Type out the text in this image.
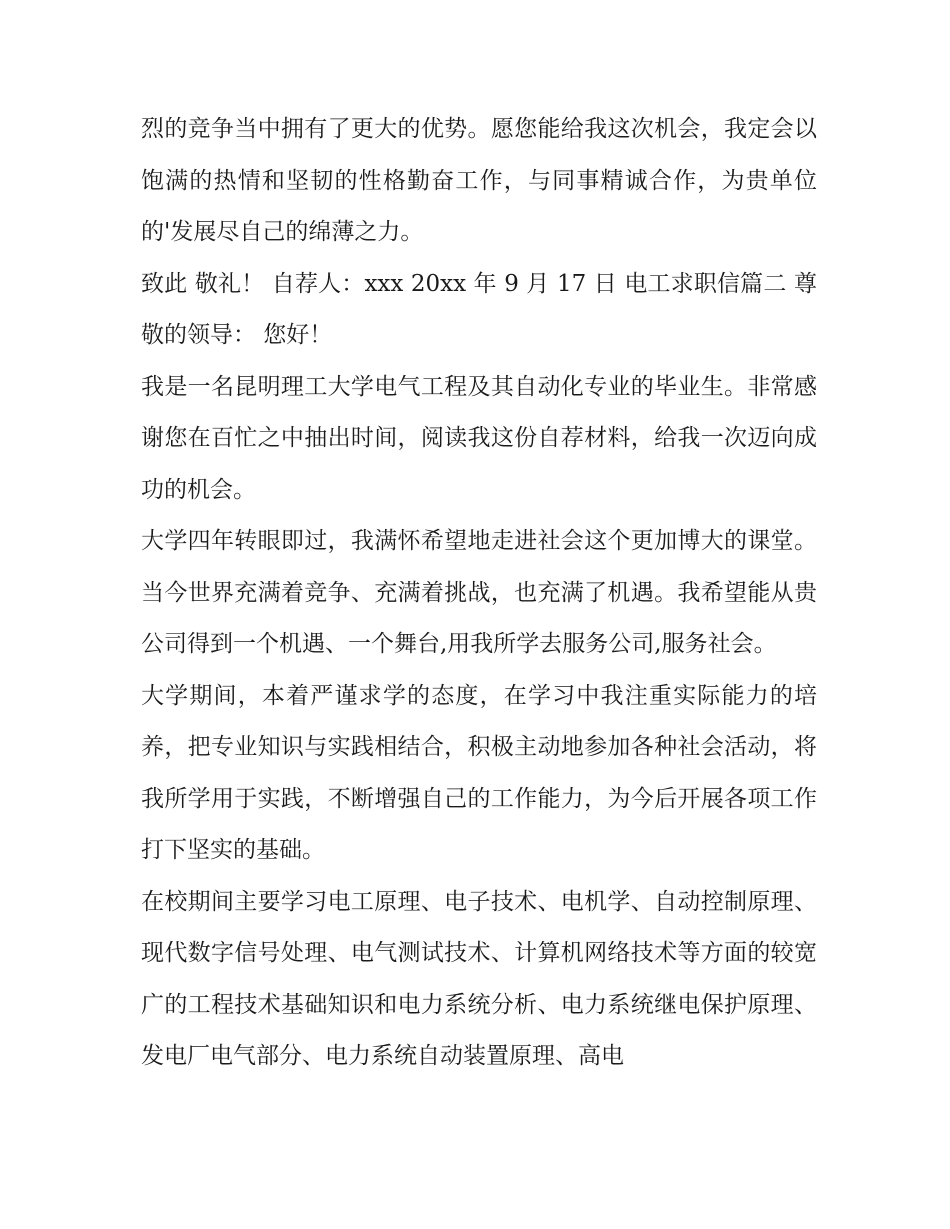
烈的竞争当中拥有了更大的优势。愿您能给我这次机会，我定会以饱满的热情和坚韧的性格勤奋工作，与同事精诚合作，为贵单位的'发展尽自己的绵薄之力。

致此 敬礼！ 自荐人：xxx 20xx 年 9 月 17 日 电工求职信篇二 尊敬的领导： 您好！

我是一名昆明理工大学电气工程及其自动化专业的毕业生。非常感谢您在百忙之中抽出时间，阅读我这份自荐材料，给我一次迈向成功的机会。

大学四年转眼即过，我满怀希望地走进社会这个更加博大的课堂。当今世界充满着竞争、充满着挑战，也充满了机遇。我希望能从贵公司得到一个机遇、一个舞台,用我所学去服务公司,服务社会。

大学期间，本着严谨求学的态度，在学习中我注重实际能力的培养，把专业知识与实践相结合，积极主动地参加各种社会活动，将我所学用于实践，不断增强自己的工作能力，为今后开展各项工作打下坚实的基础。

在校期间主要学习电工原理、电子技术、电机学、自动控制原理、现代数字信号处理、电气测试技术、计算机网络技术等方面的较宽广的工程技术基础知识和电力系统分析、电力系统继电保护原理、发电厂电气部分、电力系统自动装置原理、高电
